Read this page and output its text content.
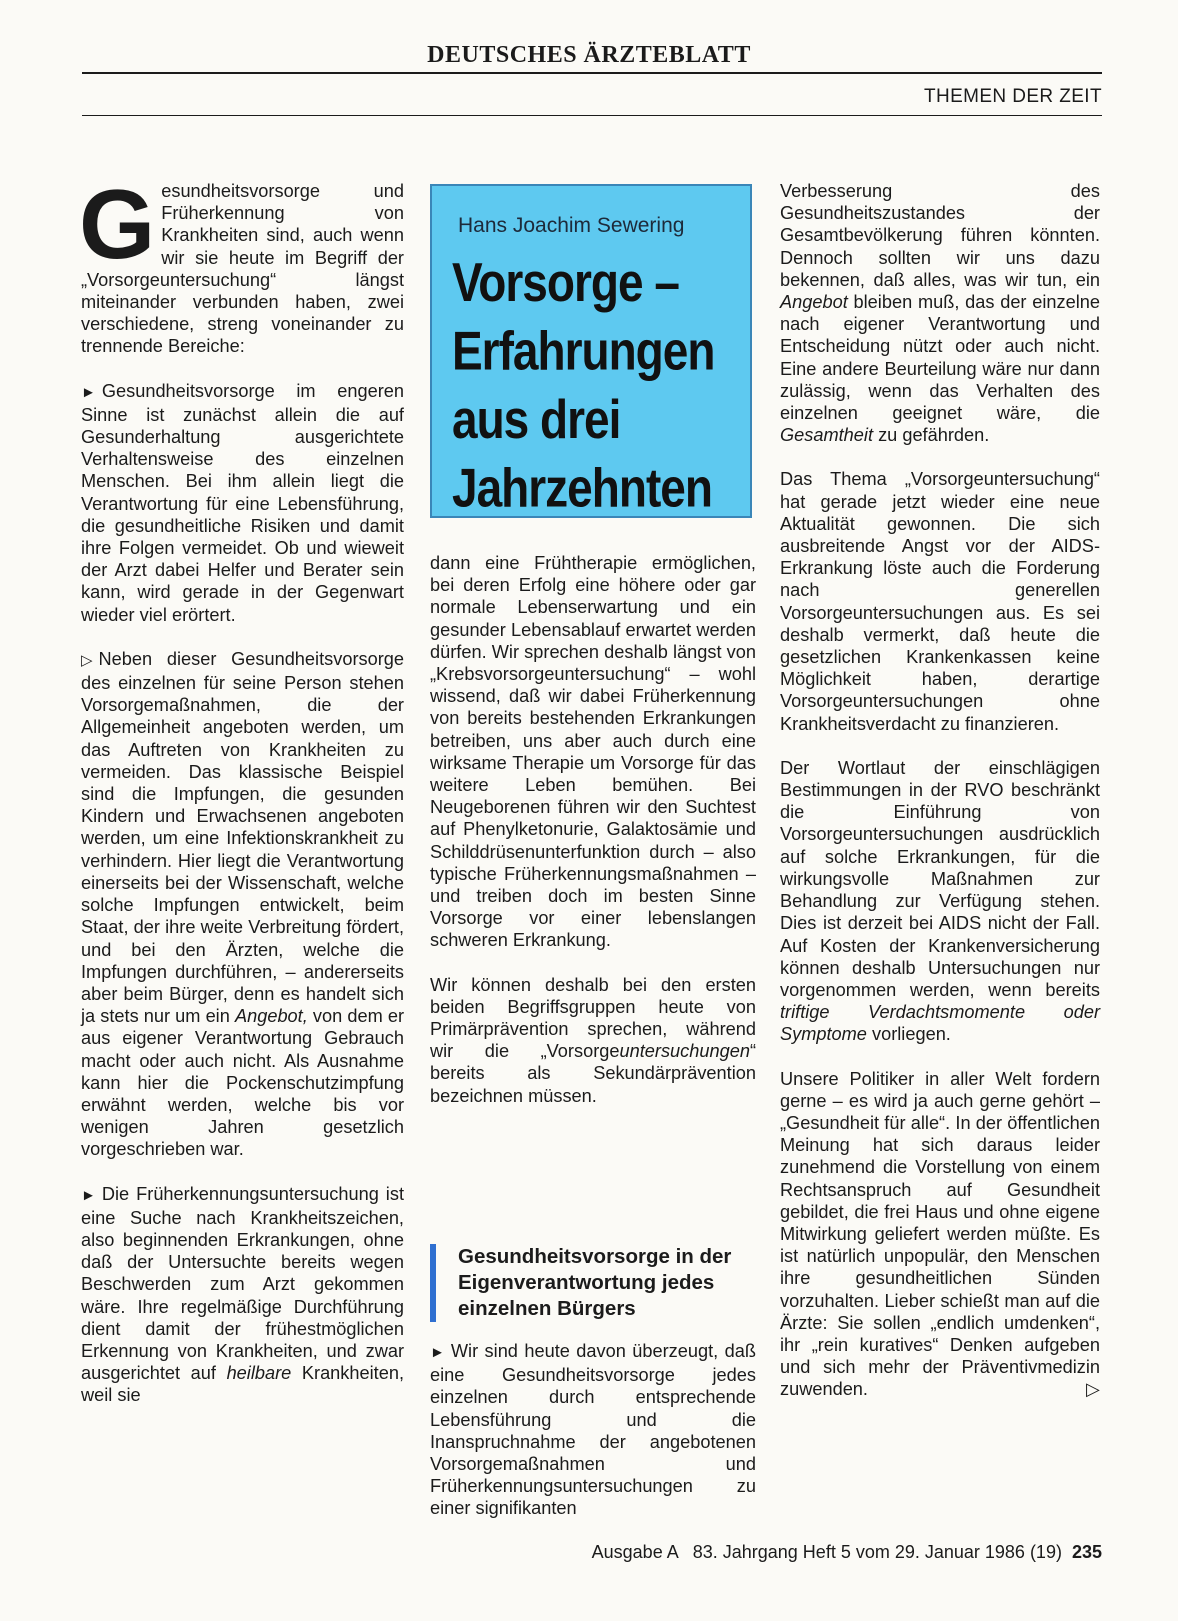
DEUTSCHES ÄRZTEBLATT
THEMEN DER ZEIT

Gesundheitsvorsorge und Früherkennung von Krankheiten sind, auch wenn wir sie heute im Begriff der „Vorsorgeuntersuchung“ längst miteinander verbunden haben, zwei verschiedene, streng voneinander zu trennende Bereiche:

► Gesundheitsvorsorge im engeren Sinne ist zunächst allein die auf Gesunderhaltung ausgerichtete Verhaltensweise des einzelnen Menschen. Bei ihm allein liegt die Verantwortung für eine Lebensführung, die gesundheitliche Risiken und damit ihre Folgen vermeidet. Ob und wieweit der Arzt dabei Helfer und Berater sein kann, wird gerade in der Gegenwart wieder viel erörtert.

▷ Neben dieser Gesundheitsvorsorge des einzelnen für seine Person stehen Vorsorgemaßnahmen, die der Allgemeinheit angeboten werden, um das Auftreten von Krankheiten zu vermeiden. Das klassische Beispiel sind die Impfungen, die gesunden Kindern und Erwachsenen angeboten werden, um eine Infektionskrankheit zu verhindern. Hier liegt die Verantwortung einerseits bei der Wissenschaft, welche solche Impfungen entwickelt, beim Staat, der ihre weite Verbreitung fördert, und bei den Ärzten, welche die Impfungen durchführen, – andererseits aber beim Bürger, denn es handelt sich ja stets nur um ein Angebot, von dem er aus eigener Verantwortung Gebrauch macht oder auch nicht. Als Ausnahme kann hier die Pockenschutzimpfung erwähnt werden, welche bis vor wenigen Jahren gesetzlich vorgeschrieben war.

► Die Früherkennungsuntersuchung ist eine Suche nach Krankheitszeichen, also beginnenden Erkrankungen, ohne daß der Untersuchte bereits wegen Beschwerden zum Arzt gekommen wäre. Ihre regelmäßige Durchführung dient damit der frühestmöglichen Erkennung von Krankheiten, und zwar ausgerichtet auf heilbare Krankheiten, weil sie

Hans Joachim Sewering
Vorsorge –
Erfahrungen
aus drei
Jahrzehnten

dann eine Frühtherapie ermöglichen, bei deren Erfolg eine höhere oder gar normale Lebenserwartung und ein gesunder Lebensablauf erwartet werden dürfen. Wir sprechen deshalb längst von „Krebsvorsorgeuntersuchung“ – wohl wissend, daß wir dabei Früherkennung von bereits bestehenden Erkrankungen betreiben, uns aber auch durch eine wirksame Therapie um Vorsorge für das weitere Leben bemühen. Bei Neugeborenen führen wir den Suchtest auf Phenylketonurie, Galaktosämie und Schilddrüsenunterfunktion durch – also typische Früherkennungsmaßnahmen – und treiben doch im besten Sinne Vorsorge vor einer lebenslangen schweren Erkrankung.

Wir können deshalb bei den ersten beiden Begriffsgruppen heute von Primärprävention sprechen, während wir die „Vorsorgeuntersuchungen“ bereits als Sekundärprävention bezeichnen müssen.

Gesundheitsvorsorge in der Eigenverantwortung jedes einzelnen Bürgers

► Wir sind heute davon überzeugt, daß eine Gesundheitsvorsorge jedes einzelnen durch entsprechende Lebensführung und die Inanspruchnahme der angebotenen Vorsorgemaßnahmen und Früherkennungsuntersuchungen zu einer signifikanten

Verbesserung des Gesundheitszustandes der Gesamtbevölkerung führen könnten. Dennoch sollten wir uns dazu bekennen, daß alles, was wir tun, ein Angebot bleiben muß, das der einzelne nach eigener Verantwortung und Entscheidung nützt oder auch nicht. Eine andere Beurteilung wäre nur dann zulässig, wenn das Verhalten des einzelnen geeignet wäre, die Gesamtheit zu gefährden.

Das Thema „Vorsorgeuntersuchung“ hat gerade jetzt wieder eine neue Aktualität gewonnen. Die sich ausbreitende Angst vor der AIDS-Erkrankung löste auch die Forderung nach generellen Vorsorgeuntersuchungen aus. Es sei deshalb vermerkt, daß heute die gesetzlichen Krankenkassen keine Möglichkeit haben, derartige Vorsorgeuntersuchungen ohne Krankheitsverdacht zu finanzieren.

Der Wortlaut der einschlägigen Bestimmungen in der RVO beschränkt die Einführung von Vorsorgeuntersuchungen ausdrücklich auf solche Erkrankungen, für die wirkungsvolle Maßnahmen zur Behandlung zur Verfügung stehen. Dies ist derzeit bei AIDS nicht der Fall. Auf Kosten der Krankenversicherung können deshalb Untersuchungen nur vorgenommen werden, wenn bereits triftige Verdachtsmomente oder Symptome vorliegen.

Unsere Politiker in aller Welt fordern gerne – es wird ja auch gerne gehört – „Gesundheit für alle“. In der öffentlichen Meinung hat sich daraus leider zunehmend die Vorstellung von einem Rechtsanspruch auf Gesundheit gebildet, die frei Haus und ohne eigene Mitwirkung geliefert werden müßte. Es ist natürlich unpopulär, den Menschen ihre gesundheitlichen Sünden vorzuhalten. Lieber schießt man auf die Ärzte: Sie sollen „endlich umdenken“, ihr „rein kuratives“ Denken aufgeben und sich mehr der Präventivmedizin zuwenden.	▷

Ausgabe A   83. Jahrgang Heft 5 vom 29. Januar 1986 (19) 235
